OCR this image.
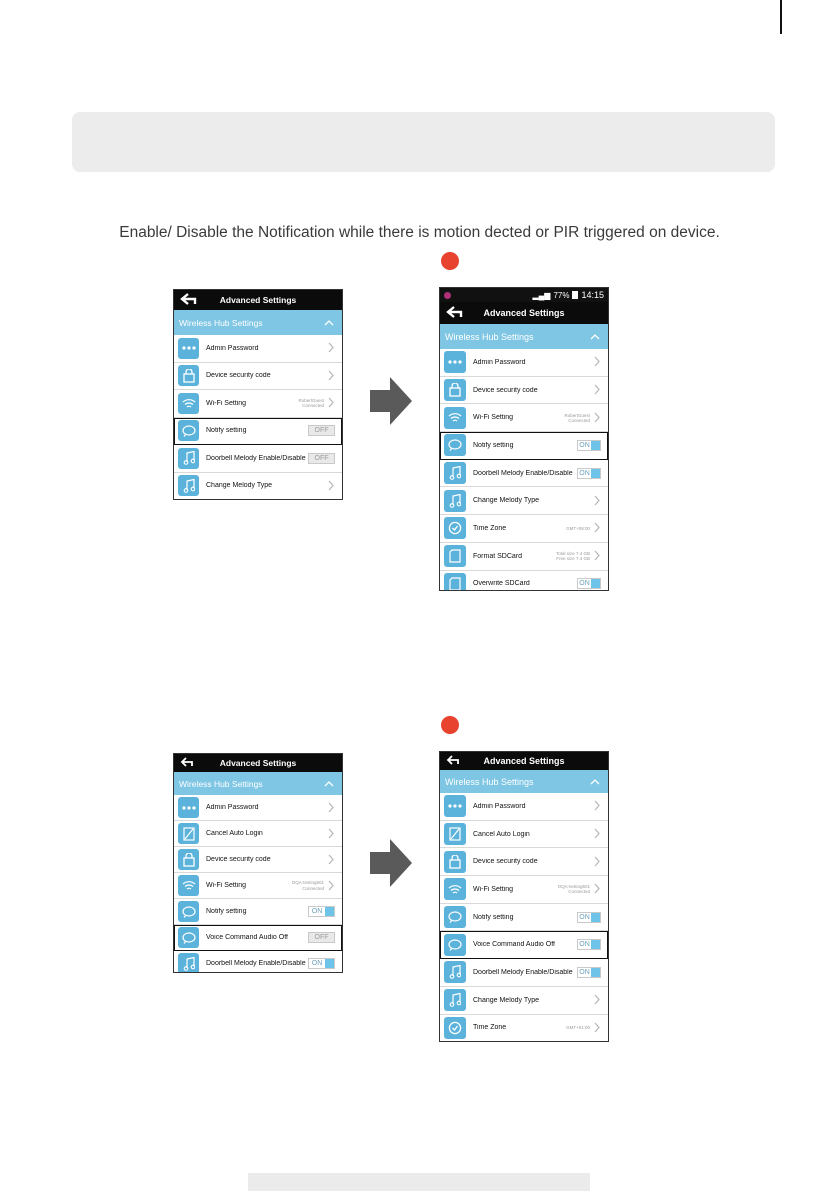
Enable/ Disable the Notification while there is motion dected or PIR triggered on device.
Advanced Settings
Wireless Hub Settings
Admin Password
Device security code
Wi-Fi Setting	RobertGuest
Connected
Notify setting	OFF
Doorbell Melody Enable/Disable	OFF
Change Melody Type
▂▄▆ 77% 14:15
Advanced Settings
Wireless Hub Settings
Admin Password
Device security code
Wi-Fi Setting	RobertGuest
Connected
Notify setting	ON
Doorbell Melody Enable/Disable ON
Change Melody Type
Time Zone	GMT+08:00
Format SDCard	Total size 7.4 GB
Free size 7.4 GB
Overwrite SDCard	ON
Advanced Settings
Wireless Hub Settings
Admin Password
Cancel Auto Login
Device security code
Wi-Fi Setting	DQA-testing501
Connected
Notify setting	ON
Voice Command Audio Off	OFF
Doorbell Melody Enable/Disable ON
Advanced Settings
Wireless Hub Settings
Admin Password
Cancel Auto Login
Device security code
Wi-Fi Setting	DQA-testing501
Connected
Notify setting	ON
Voice Command Audio Off	ON
Doorbell Melody Enable/Disable ON
Change Melody Type
Time Zone	GMT+01:00
